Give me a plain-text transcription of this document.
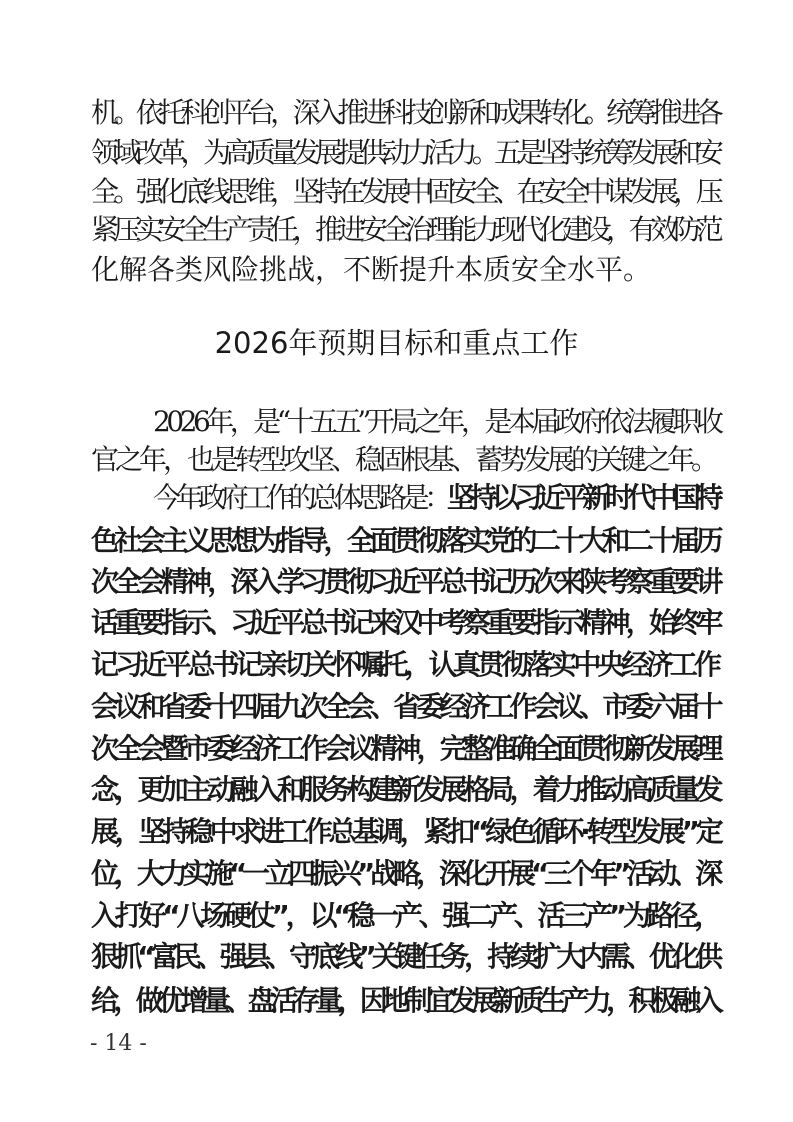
机。依托科创平台，深入推进科技创新和成果转化。统筹推进各
领域改革，为高质量发展提供动力活力。五是坚持统筹发展和安
全。强化底线思维，坚持在发展中固安全、在安全中谋发展，压
紧压实安全生产责任，推进安全治理能力现代化建设，有效防范
化解各类风险挑战，不断提升本质安全水平。
2026年预期目标和重点工作
2026年，是“十五五”开局之年，是本届政府依法履职收
官之年，也是转型攻坚、稳固根基、蓄势发展的关键之年。
今年政府工作的总体思路是：坚持以习近平新时代中国特
色社会主义思想为指导，全面贯彻落实党的二十大和二十届历
次全会精神，深入学习贯彻习近平总书记历次来陕考察重要讲
话重要指示、习近平总书记来汉中考察重要指示精神，始终牢
记习近平总书记亲切关怀嘱托，认真贯彻落实中央经济工作
会议和省委十四届九次全会、省委经济工作会议、市委六届十
次全会暨市委经济工作会议精神，完整准确全面贯彻新发展理
念，更加主动融入和服务构建新发展格局，着力推动高质量发
展，坚持稳中求进工作总基调，紧扣“绿色循环·转型发展”定
位，大力实施“一立四振兴”战略，深化开展“三个年”活动、深
入打好“八场硬仗”，以“稳一产、强二产、活三产”为路径，
狠抓“富民、强县、守底线”关键任务，持续扩大内需、优化供
给，做优增量、盘活存量，因地制宜发展新质生产力，积极融入
- 14 -
